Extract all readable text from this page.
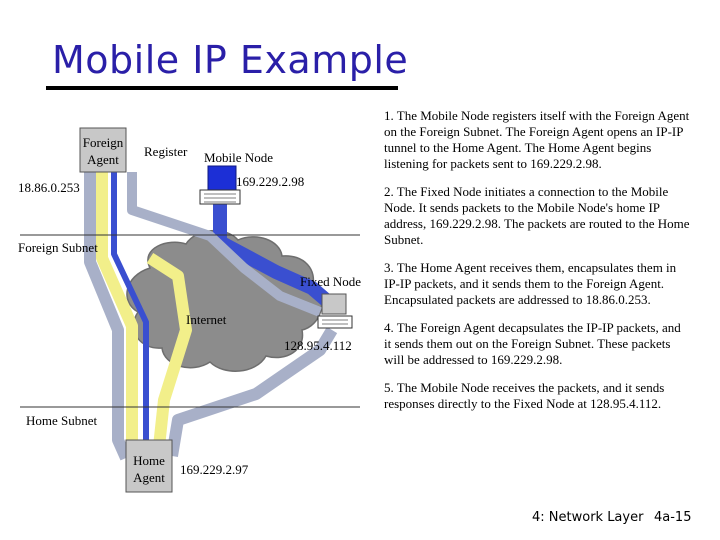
Mobile IP Example
Foreign Agent
18.86.0.253
Register Mobile Node
169.229.2.98
Foreign Subnet
Internet
Fixed Node
128.95.4.112
Home Subnet
Home Agent
169.229.2.97
1. The Mobile Node registers itself with the Foreign Agent on the Foreign Subnet. The Foreign Agent opens an IP-IP tunnel to the Home Agent. The Home Agent begins listening for packets sent to 169.229.2.98.
2. The Fixed Node initiates a connection to the Mobile Node. It sends packets to the Mobile Node's home IP address, 169.229.2.98. The packets are routed to the Home Subnet.
3. The Home Agent receives them, encapsulates them in IP-IP packets, and it sends them to the Foreign Agent. Encapsulated packets are addressed to 18.86.0.253.
4. The Foreign Agent decapsulates the IP-IP packets, and it sends them out on the Foreign Subnet. These packets will be addressed to 169.229.2.98.
5. The Mobile Node receives the packets, and it sends responses directly to the Fixed Node at 128.95.4.112.
4: Network Layer 4a-15
